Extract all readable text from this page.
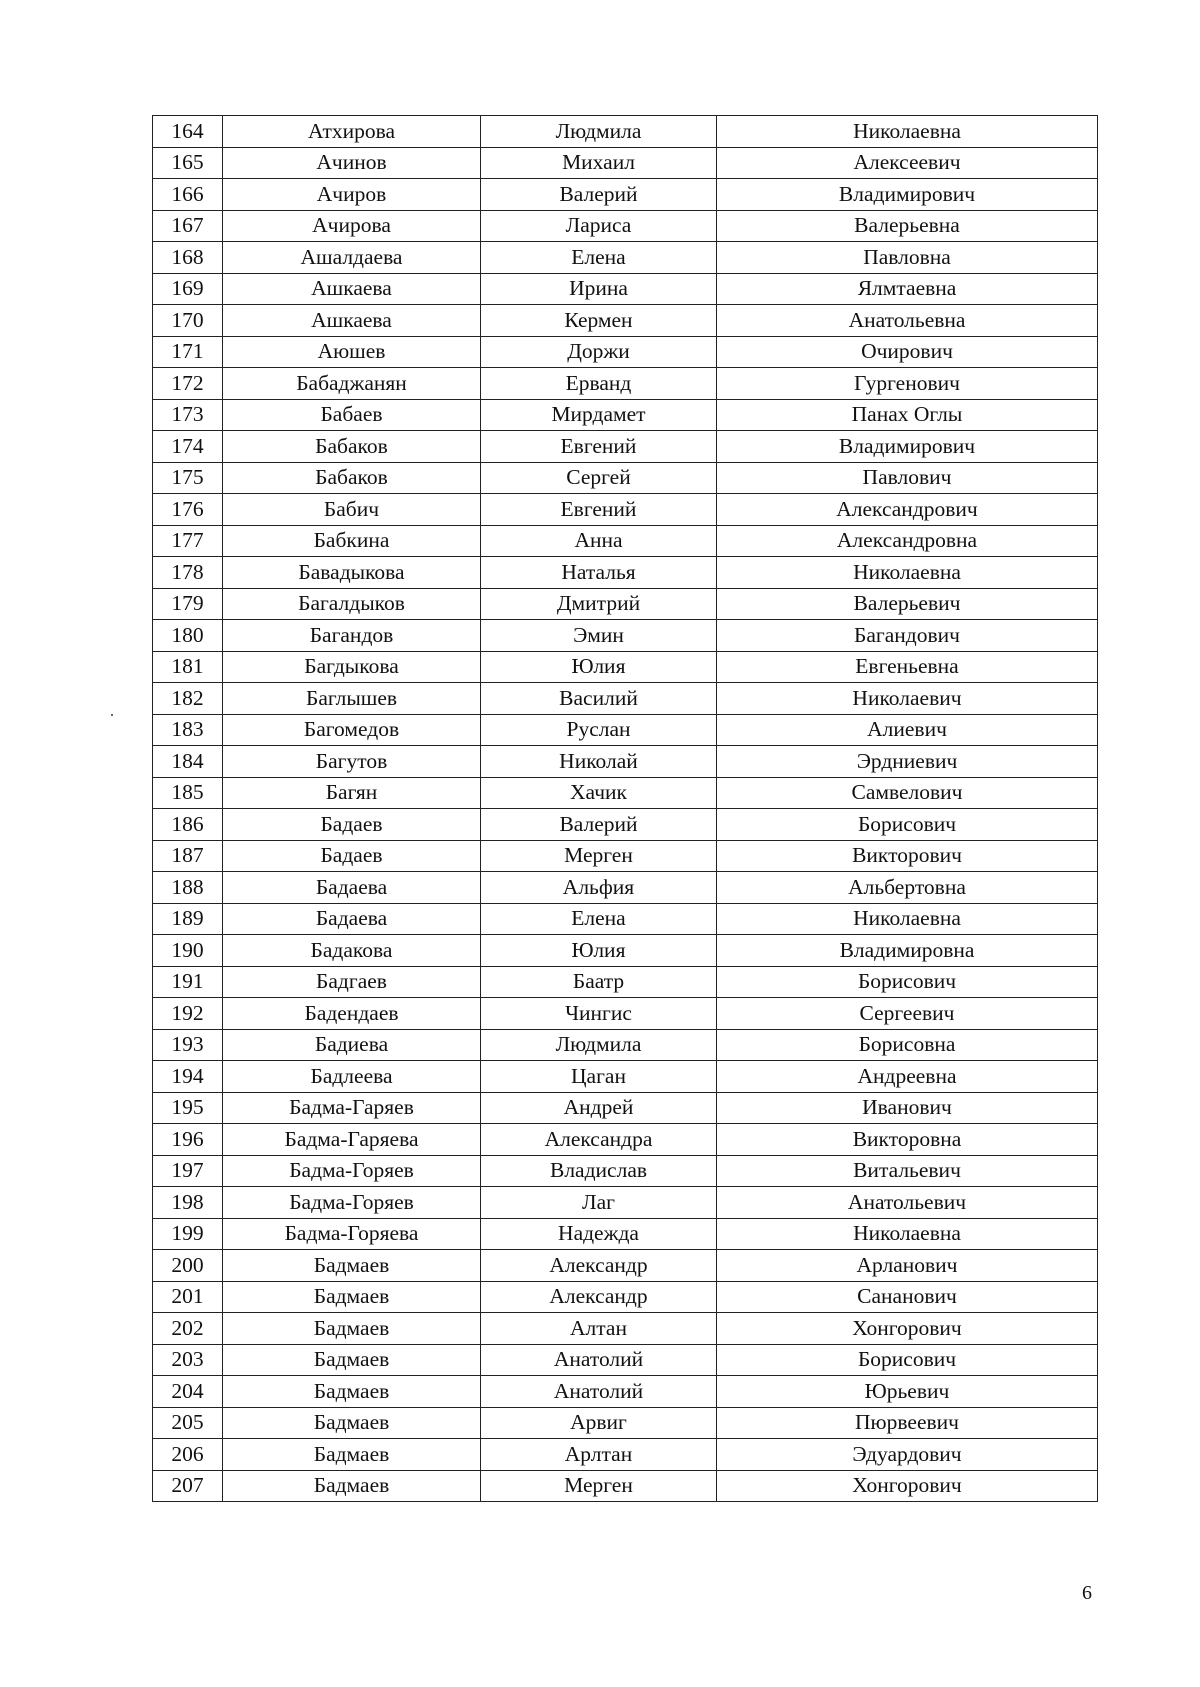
164	Атхирова	Людмила	Николаевна
165	Ачинов	Михаил	Алексеевич
166	Ачиров	Валерий	Владимирович
167	Ачирова	Лариса	Валерьевна
168	Ашалдаева	Елена	Павловна
169	Ашкаева	Ирина	Ялмтаевна
170	Ашкаева	Кермен	Анатольевна
171	Аюшев	Доржи	Очирович
172	Бабаджанян	Ерванд	Гургенович
173	Бабаев	Мирдамет	Панах Оглы
174	Бабаков	Евгений	Владимирович
175	Бабаков	Сергей	Павлович
176	Бабич	Евгений	Александрович
177	Бабкина	Анна	Александровна
178	Бавадыкова	Наталья	Николаевна
179	Багалдыков	Дмитрий	Валерьевич
180	Багандов	Эмин	Багандович
181	Багдыкова	Юлия	Евгеньевна
182	Баглышев	Василий	Николаевич
183	Багомедов	Руслан	Алиевич
184	Багутов	Николай	Эрдниевич
185	Багян	Хачик	Самвелович
186	Бадаев	Валерий	Борисович
187	Бадаев	Мерген	Викторович
188	Бадаева	Альфия	Альбертовна
189	Бадаева	Елена	Николаевна
190	Бадакова	Юлия	Владимировна
191	Бадгаев	Баатр	Борисович
192	Бадендаев	Чингис	Сергеевич
193	Бадиева	Людмила	Борисовна
194	Бадлеева	Цаган	Андреевна
195	Бадма-Гаряев	Андрей	Иванович
196	Бадма-Гаряева	Александра	Викторовна
197	Бадма-Горяев	Владислав	Витальевич
198	Бадма-Горяев	Лаг	Анатольевич
199	Бадма-Горяева	Надежда	Николаевна
200	Бадмаев	Александр	Арланович
201	Бадмаев	Александр	Сананович
202	Бадмаев	Алтан	Хонгорович
203	Бадмаев	Анатолий	Борисович
204	Бадмаев	Анатолий	Юрьевич
205	Бадмаев	Арвиг	Пюрвеевич
206	Бадмаев	Арлтан	Эдуардович
207	Бадмаев	Мерген	Хонгорович
6
